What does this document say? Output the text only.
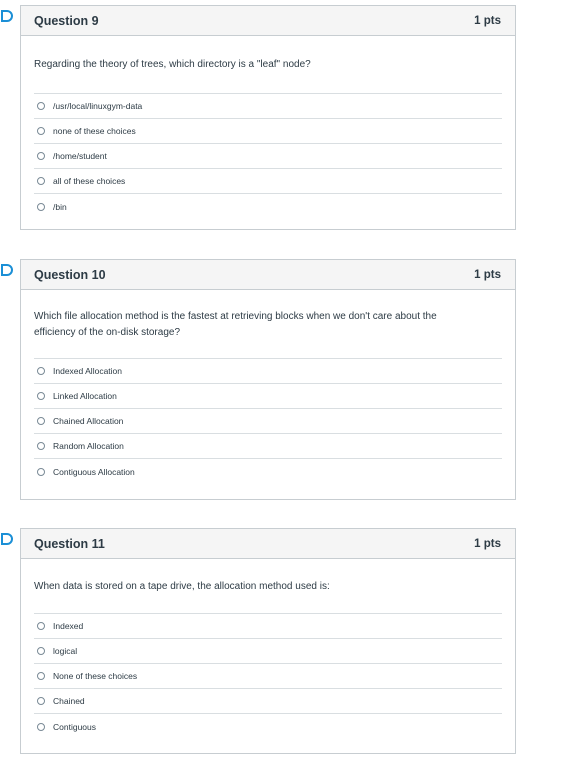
Question 9	1 pts
Regarding the theory of trees, which directory is a "leaf" node?
/usr/local/linuxgym-data
none of these choices
/home/student
all of these choices
/bin
Question 10	1 pts
Which file allocation method is the fastest at retrieving blocks when we don't care about the efficiency of the on-disk storage?
Indexed Allocation
Linked Allocation
Chained Allocation
Random Allocation
Contiguous Allocation
Question 11	1 pts
When data is stored on a tape drive, the allocation method used is:
Indexed
logical
None of these choices
Chained
Contiguous
